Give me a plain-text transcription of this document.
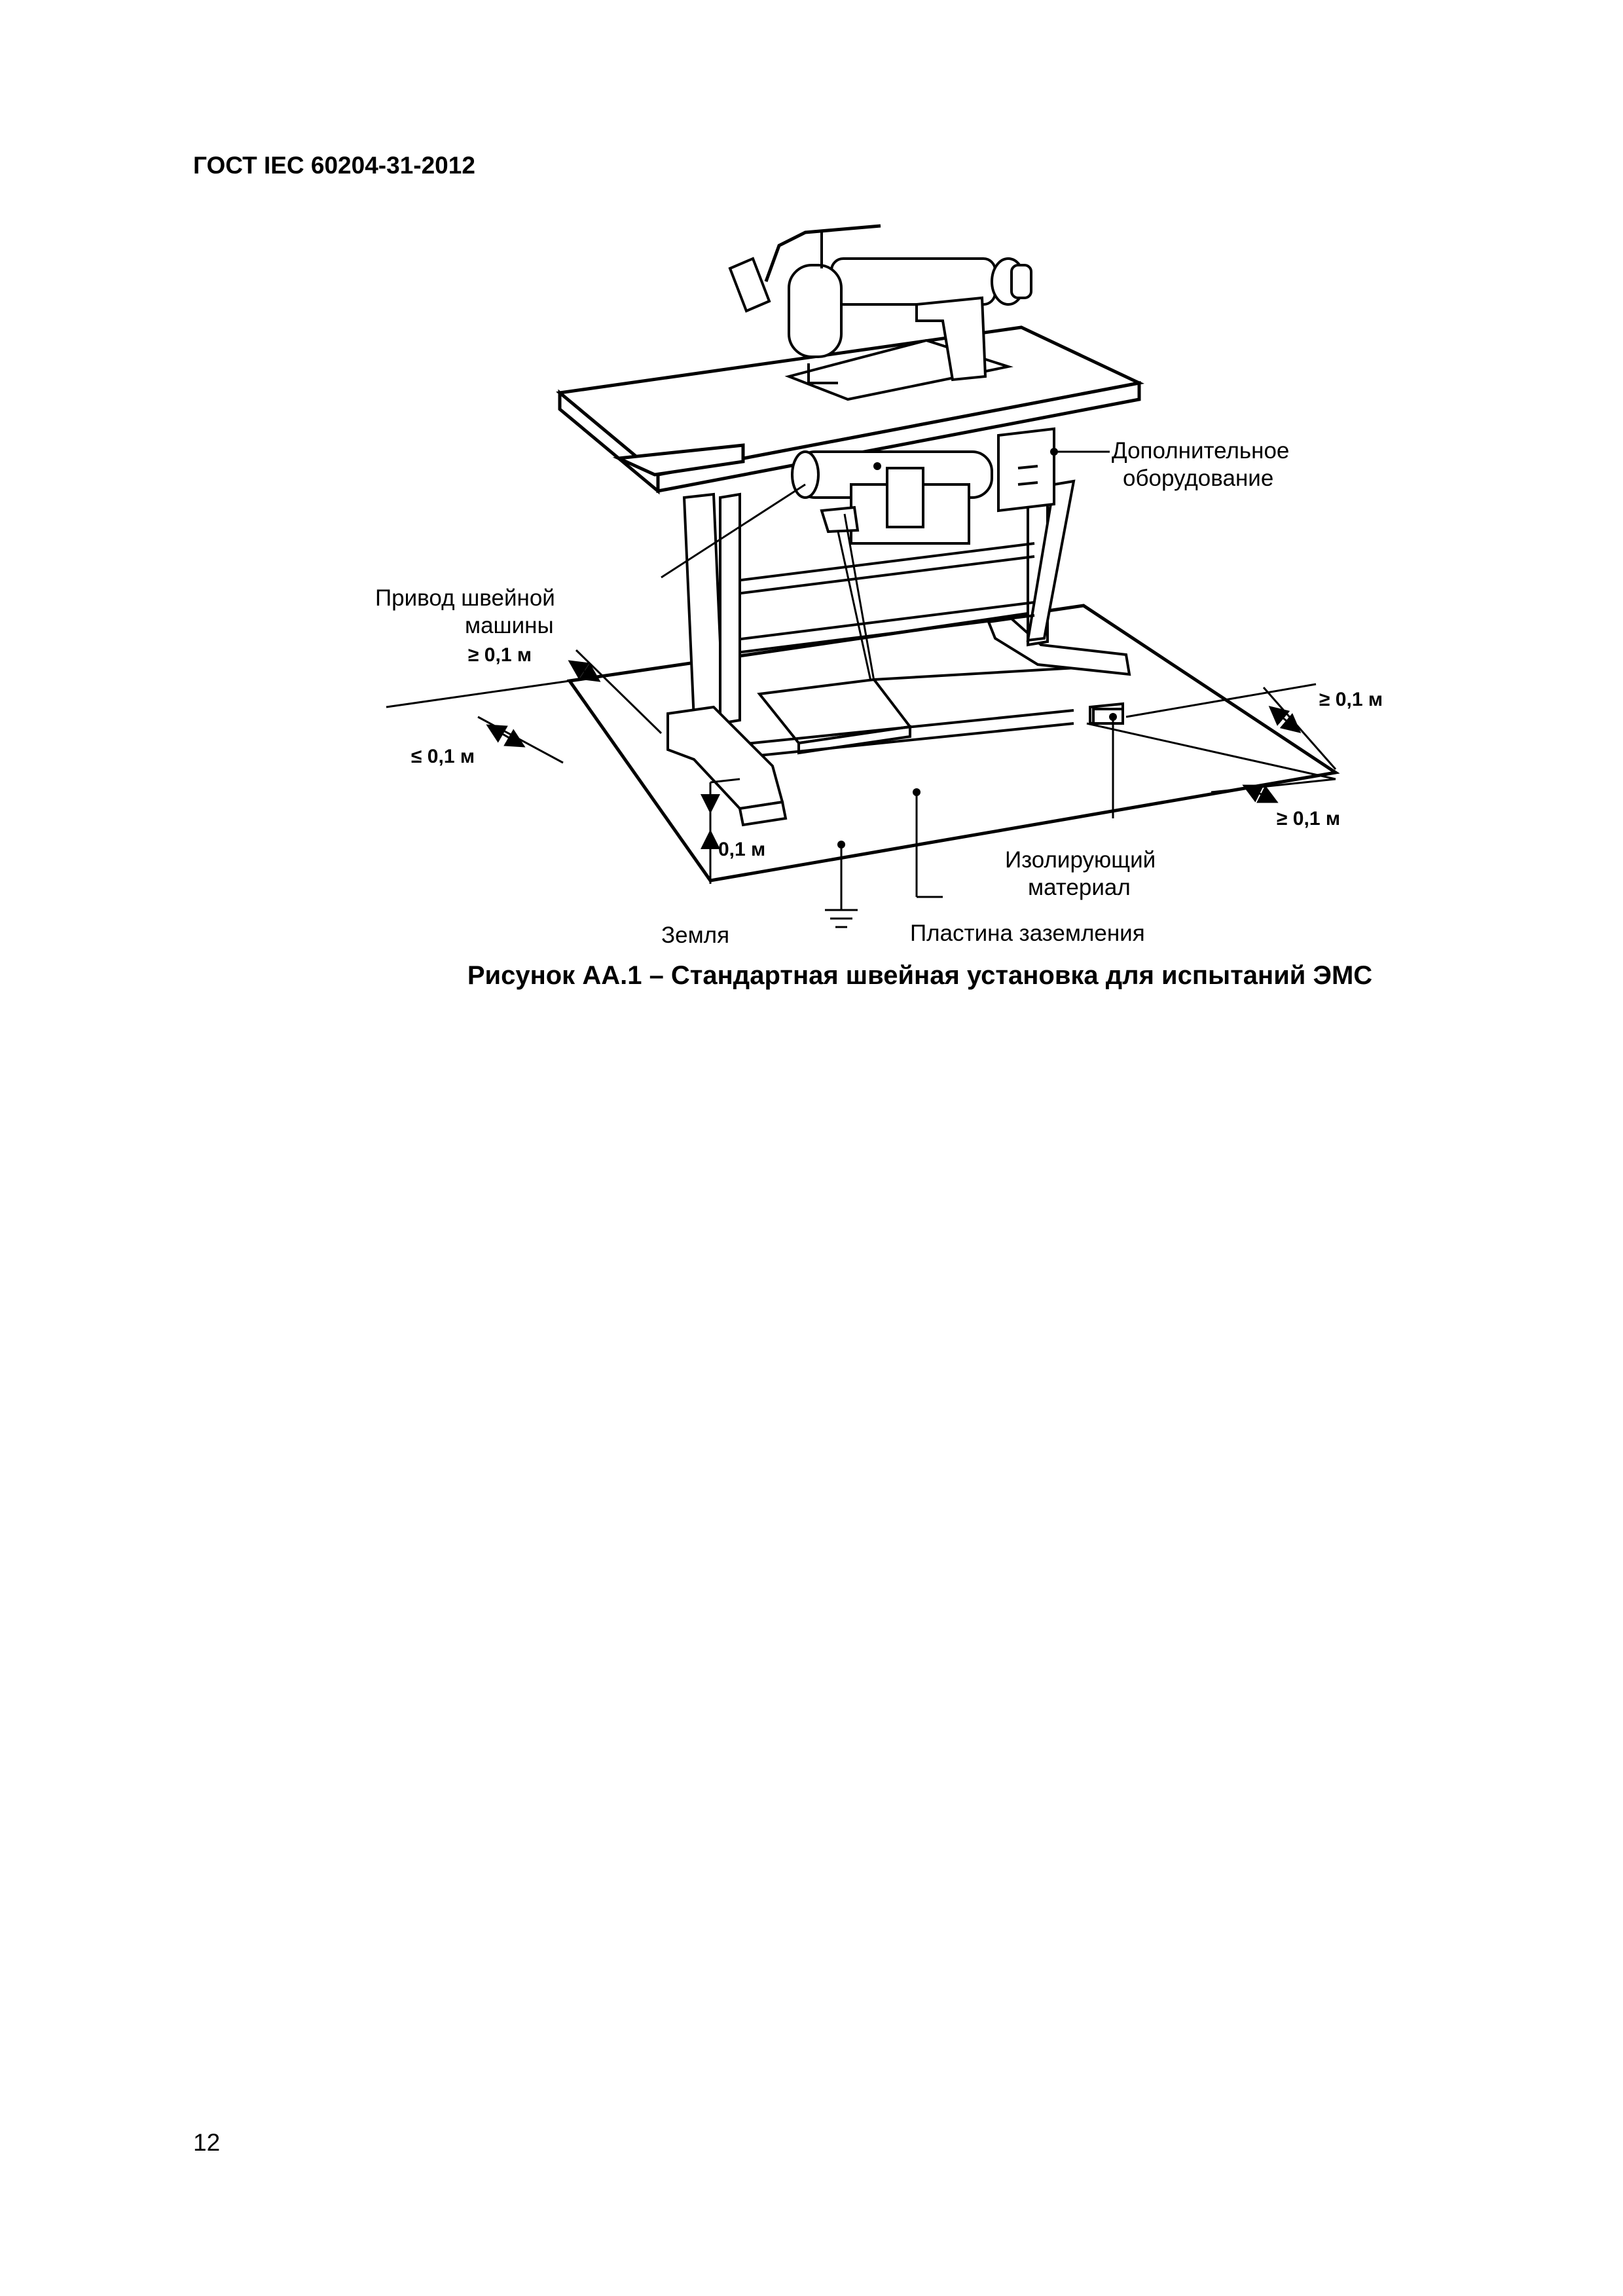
ГОСТ IEC 60204-31-2012
Дополнительное
оборудование
Привод швейной
машины
≥ 0,1 м
≤ 0,1 м
0,1 м
≥ 0,1 м
≥ 0,1 м
Изолирующий
материал
Земля	Пластина заземления
Рисунок АА.1 – Стандартная швейная установка для испытаний ЭМС
12
